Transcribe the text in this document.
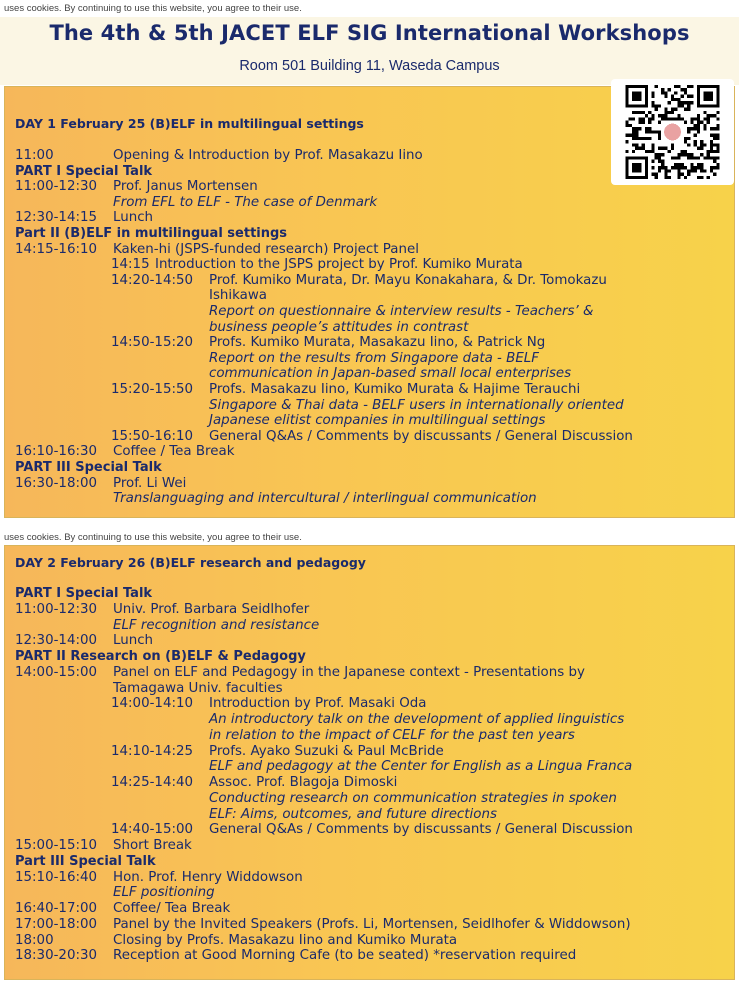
uses cookies. By continuing to use this website, you agree to their use.
The 4th & 5th JACET ELF SIG International Workshops
Room 501 Building 11, Waseda Campus
DAY 1 February 25 (B)ELF in multilingual settings
11:00	Opening & Introduction by Prof. Masakazu Iino
PART I Special Talk
11:00-12:30 Prof. Janus Mortensen
From EFL to ELF - The case of Denmark
12:30-14:15 Lunch
Part II (B)ELF in multilingual settings
14:15-16:10 Kaken-hi (JSPS-funded research) Project Panel
14:15 Introduction to the JSPS project by Prof. Kumiko Murata
14:20-14:50 Prof. Kumiko Murata, Dr. Mayu Konakahara, & Dr. Tomokazu
Ishikawa
Report on questionnaire & interview results - Teachers’ &
business people’s attitudes in contrast
14:50-15:20 Profs. Kumiko Murata, Masakazu Iino, & Patrick Ng
Report on the results from Singapore data - BELF
communication in Japan-based small local enterprises
15:20-15:50 Profs. Masakazu Iino, Kumiko Murata & Hajime Terauchi
Singapore & Thai data - BELF users in internationally oriented
Japanese elitist companies in multilingual settings
15:50-16:10 General Q&As / Comments by discussants / General Discussion
16:10-16:30 Coffee / Tea Break
PART III Special Talk
16:30-18:00 Prof. Li Wei
Translanguaging and intercultural / interlingual communication
uses cookies. By continuing to use this website, you agree to their use.
DAY 2 February 26 (B)ELF research and pedagogy
PART I Special Talk
11:00-12:30 Univ. Prof. Barbara Seidlhofer
ELF recognition and resistance
12:30-14:00 Lunch
PART II Research on (B)ELF & Pedagogy
14:00-15:00 Panel on ELF and Pedagogy in the Japanese context - Presentations by
Tamagawa Univ. faculties
14:00-14:10 Introduction by Prof. Masaki Oda
An introductory talk on the development of applied linguistics
in relation to the impact of CELF for the past ten years
14:10-14:25 Profs. Ayako Suzuki & Paul McBride
ELF and pedagogy at the Center for English as a Lingua Franca
14:25-14:40 Assoc. Prof. Blagoja Dimoski
Conducting research on communication strategies in spoken
ELF: Aims, outcomes, and future directions
14:40-15:00 General Q&As / Comments by discussants / General Discussion
15:00-15:10 Short Break
Part III Special Talk
15:10-16:40 Hon. Prof. Henry Widdowson
ELF positioning
16:40-17:00 Coffee/ Tea Break
17:00-18:00 Panel by the Invited Speakers (Profs. Li, Mortensen, Seidlhofer & Widdowson)
18:00	Closing by Profs. Masakazu Iino and Kumiko Murata
18:30-20:30 Reception at Good Morning Cafe (to be seated) *reservation required
